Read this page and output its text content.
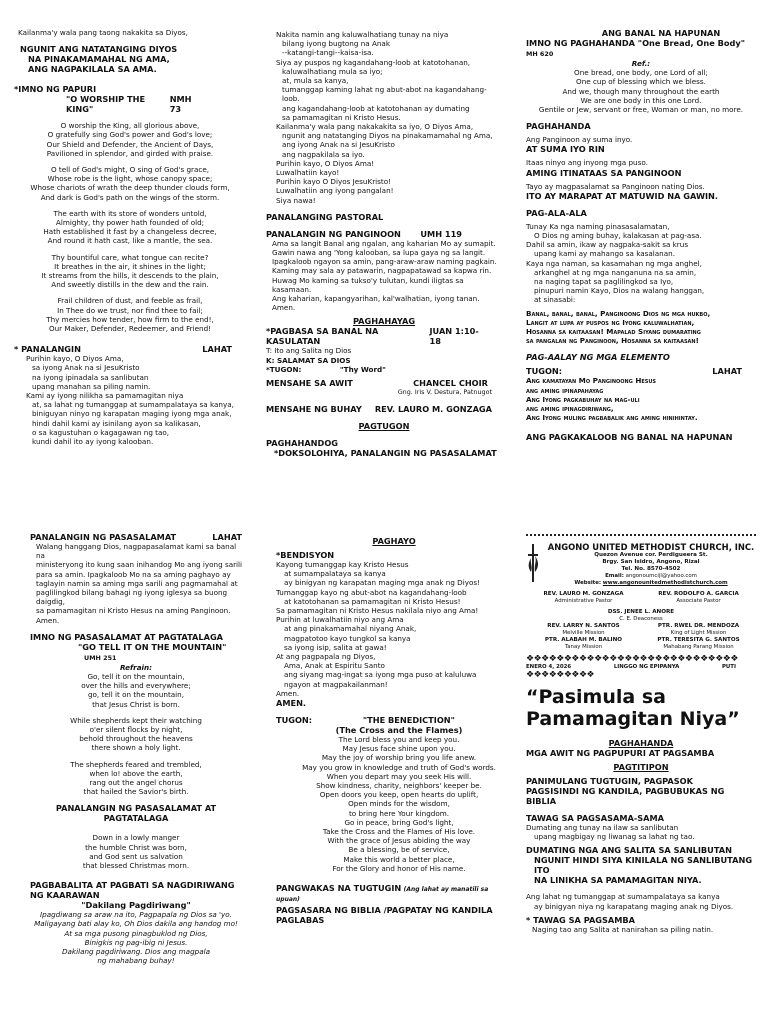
Kailanma'y wala pang taong nakakita sa Diyos,
NGUNIT ANG NATATANGING DIYOS
NA PINAKAMAMAHAL NG AMA,
ANG NAGPAKILALA SA AMA.
*IMNO NG PAPURI
"O WORSHIP THE KING"
NMH 73
O worship the King, all glorious above,
O gratefully sing God's power and God's love;
Our Shield and Defender, the Ancient of Days,
Pavilioned in splendor, and girded with praise.
O tell of God's might, O sing of God's grace,
Whose robe is the light, whose canopy space;
Whose chariots of wrath the deep thunder clouds form,
And dark is God's path on the wings of the storm.
The earth with its store of wonders untold,
Almighty, thy power hath founded of old;
Hath established it fast by a changeless decree,
And round it hath cast, like a mantle, the sea.
Thy bountiful care, what tongue can recite?
It breathes in the air, it shines in the light;
It streams from the hills, it descends to the plain,
And sweetly distills in the dew and the rain.
Frail children of dust, and feeble as frail,
In Thee do we trust, nor find thee to fail;
Thy mercies how tender, how firm to the end!,
Our Maker, Defender, Redeemer, and Friend!
* PANALANGIN	LAHAT
Purihin kayo, O Diyos Ama,
sa iyong Anak na si JesuKristo
na iyong ipinadala sa sanlibutan
upang manahan sa piling namin.
Kami ay iyong nilikha sa pamamagitan niya
at, sa lahat ng tumanggap at sumampalataya sa kanya,
biniguyan ninyo ng karapatan maging iyong mga anak,
hindi dahil kami ay isinilang ayon sa kalikasan,
o sa kagustuhan o kagagawan ng tao,
kundi dahil ito ay iyong kalooban.
Nakita namin ang kaluwalhatiang tunay na niya
bilang iyong bugtong na Anak
--katangi-tangi--kaisa-isa.
Siya ay puspos ng kagandahang-loob at katotohanan,
kaluwalhatiang mula sa iyo;
at, mula sa kanya,
tumanggap kaming lahat ng abut-abot na kagandahang-loob.
ang kagandahang-loob at katotohanan ay dumating
sa pamamagitan ni Kristo Hesus.
Kailanma'y wala pang nakakakita sa iyo, O Diyos Ama,
ngunit ang natatanging Diyos na pinakamamahal ng Ama,
ang iyong Anak na si JesuKristo
ang nagpakilala sa iyo.
Purihin kayo, O Diyos Ama!
Luwalhatiin kayo!
Purihin kayo O Diyos JesuKristo!
Luwalhatiin ang iyong pangalan!
Siya nawa!
PANALANGING PASTORAL
PANALANGIN NG PANGINOON UMH 119
Ama sa langit Banal ang ngalan, ang kaharian Mo ay sumapit.
Gawin nawa ang 'Yong kalooban, sa lupa gaya ng sa langit.
Ipagkaloob ngayon sa amin, pang-araw-araw naming pagkain.
Kaming may sala ay patawarin, nagpapatawad sa kapwa rin.
Huwag Mo kaming sa tukso'y tulutan, kundi iligtas sa kasamaan.
Ang kaharian, kapangyarihan, kal'walhatian, iyong tanan. Amen.
PAGHAHAYAG
*PAGBASA SA BANAL NA KASULATAN
JUAN 1:10-18
T: Ito ang Salita ng Dios
K: SALAMAT SA DIOS
*TUGON:	"Thy Word"
MENSAHE SA AWIT	CHANCEL CHOIR
Gng. Iris V. Destura, Patnugot
MENSAHE NG BUHAY REV. LAURO M. GONZAGA
PAGTUGON
PAGHAHANDOG
*DOKSOLOHIYA, PANALANGIN NG PASASALAMAT
ANG BANAL NA HAPUNAN
IMNO NG PAGHAHANDA "One Bread, One Body" MH 620
Ref.:
One bread, one body, one Lord of all;
One cup of blessing which we bless.
And we, though many throughout the earth
We are one body in this one Lord.
Gentile or Jew, servant or free, Woman or man, no more.
PAGHAHANDA
Ang Panginoon ay suma inyo.
AT SUMA IYO RIN
Itaas ninyo ang inyong mga puso.
AMING ITINATAAS SA PANGINOON
Tayo ay magpasalamat sa Panginoon nating Dios.
ITO AY MARAPAT AT MATUWID NA GAWIN.
PAG-ALA-ALA
Tunay Ka nga naming pinasasalamatan,
O Dios ng aming buhay, kalakasan at pag-asa.
Dahil sa amin, ikaw ay nagpaka-sakit sa krus
upang kami ay mahango sa kasalanan.
Kaya nga naman, sa kasamahan ng mga anghel,
arkanghel at ng mga nanganuna na sa amin,
na naging tapat sa paglilingkod sa Iyo,
pinupuri namin Kayo, Dios na walang hanggan,
at sinasabi:
Banal, banal, banal, Panginoong Dios ng mga hukbo,
Langit at lupa ay puspos ng Iyong kaluwalhatian,
Hosanna sa kaitaasan! Mapalad Siyang dumarating
sa pangalan ng Panginoon, Hosanna sa kaitaasan!
PAG-AALAY NG MGA ELEMENTO
TUGON:	LAHAT
Ang kamatayan Mo Panginoong Hesus
ang aming ipinapahayag
Ang Iyong pagkabuhay na mag-uli
ang aming ipinagdiriwang,
Ang Iyong muling pagbabalik ang aming hinihintay.
ANG PAGKAKALOOB NG BANAL NA HAPUNAN
PANALANGIN NG PASASALAMAT	LAHAT
Walang hanggang Dios, nagpapasalamat kami sa banal na
ministeryong ito kung saan inihandog Mo ang iyong sarili
para sa amin. Ipagkaloob Mo na sa aming paghayo ay
taglayin namin sa aming mga sarili ang pagmamahal at
paglilingkod bilang bahagi ng iyong iglesya sa buong daigdig,
sa pamamagitan ni Kristo Hesus na aming Panginoon. Amen.
IMNO NG PASASALAMAT AT PAGTATALAGA
"GO TELL IT ON THE MOUNTAIN" UMH 251
Refrain:
Go, tell it on the mountain,
over the hills and everywhere;
go, tell it on the mountain,
that Jesus Christ is born.
While shepherds kept their watching
o'er silent flocks by night,
behold throughout the heavens
there shown a holy light.
The shepherds feared and trembled,
when lo! above the earth,
rang out the angel chorus
that hailed the Savior's birth.
PANALANGIN NG PASASALAMAT AT PAGTATALAGA
Down in a lowly manger
the humble Christ was born,
and God sent us salvation
that blessed Christmas morn.
PAGBABALITA AT PAGBATI SA NAGDIRIWANG NG KAARAWAN
"Dakilang Pagdiriwang"
Ipagdiwang sa araw na ito, Pagpapala ng Dios sa 'yo.
Maligayang bati alay ko, Oh Dios dakila ang handog mo!
At sa mga pusong pinagbuklod ng Dios,
Binigkis ng pag-ibig ni Jesus.
Dakilang pagdiriwang. Dios ang magpala
ng mahabang buhay!
PAGHAYO
*BENDISYON
Kayong tumanggap kay Kristo Hesus
at sumampalataya sa kanya
ay binigyan ng karapatan maging mga anak ng Diyos!
Tumanggap kayo ng abut-abot na kagandahang-loob
at katotohanan sa pamamagitan ni Kristo Hesus!
Sa pamamagitan ni Kristo Hesus nakilala niyo ang Ama!
Purihin at luwalhatiin niyo ang Ama
at ang pinakamamahal niyang Anak,
magpatotoo kayo tungkol sa kanya
sa iyong isip, salita at gawa!
At ang pagpapala ng Diyos,
Ama, Anak at Espiritu Santo
ang siyang mag-ingat sa iyong mga puso at kaluluwa
ngayon at magpakailanman!
Amen.
AMEN.
TUGON:	"THE BENEDICTION"
(The Cross and the Flames)
The Lord bless you and keep you.
May Jesus face shine upon you.
May the joy of worship bring you life anew.
May you grow in knowledge and truth of God's words.
When you depart may you seek His will.
Show kindness, charity, neighbors' keeper be.
Open doors you keep, open hearts do uplift,
Open minds for the wisdom,
to bring here Your kingdom.
Go in peace, bring God's light,
Take the Cross and the Flames of His love.
With the grace of Jesus abiding the way
Be a blessing, be of service,
Make this world a better place,
For the Glory and honor of His name.
PANGWAKAS NA TUGTUGIN (Ang lahat ay manatili sa upuan)
PAGSASARA NG BIBLIA /PAGPATAY NG KANDILA
PAGLABAS
ANGONO UNITED METHODIST CHURCH, INC.
Quezon Avenue cor. Perdigueera St.
Brgy. San Isidro, Angono, Rizal
Tel. No. 8570-4502
Email: angonoumcijl@yahoo.com
Website: www.angonounitedmethodistchurch.com
REV. LAURO M. GONZAGA	REV. RODOLFO A. GARCIA
Administrative Pastor	Associate Pastor
DSS. JENEE L. ANORE
C. E. Deaconess
REV. LARRY N. SANTOS	PTR. RWEL DR. MENDOZA
Melville Mission	King of Light Mission
PTR. ALABAH M. BALINO	PTR. TERESITA G. SANTOS
Tanay Mission	Mahabang Parang Mission
❖❖❖❖❖❖❖❖❖❖❖❖❖❖❖❖❖❖❖❖❖❖❖❖❖❖❖❖
ENERO 4, 2026	LINGGO NG EPIPANYA	PUTI
❖❖❖❖❖❖❖❖❖
“Pasimula sa Pamamagitan Niya”
PAGHAHANDA
MGA AWIT NG PAGPUPURI AT PAGSAMBA
PAGTITIPON
PANIMULANG TUGTUGIN, PAGPASOK
PAGSISINDI NG KANDILA, PAGBUBUKAS NG BIBLIA
TAWAG SA PAGSASAMA-SAMA
Dumating ang tunay na ilaw sa sanlibutan
upang magbigay ng liwanag sa lahat ng tao.
DUMATING NGA ANG SALITA SA SANLIBUTAN
NGUNIT HINDI SIYA KINILALA NG SANLIBUTANG ITO
NA LINIKHA SA PAMAMAGITAN NIYA.
Ang lahat ng tumanggap at sumampalataya sa kanya
ay binigyan niya ng karapatang maging anak ng Diyos.
* TAWAG SA PAGSAMBA
Naging tao ang Salita at nanirahan sa piling natin.
